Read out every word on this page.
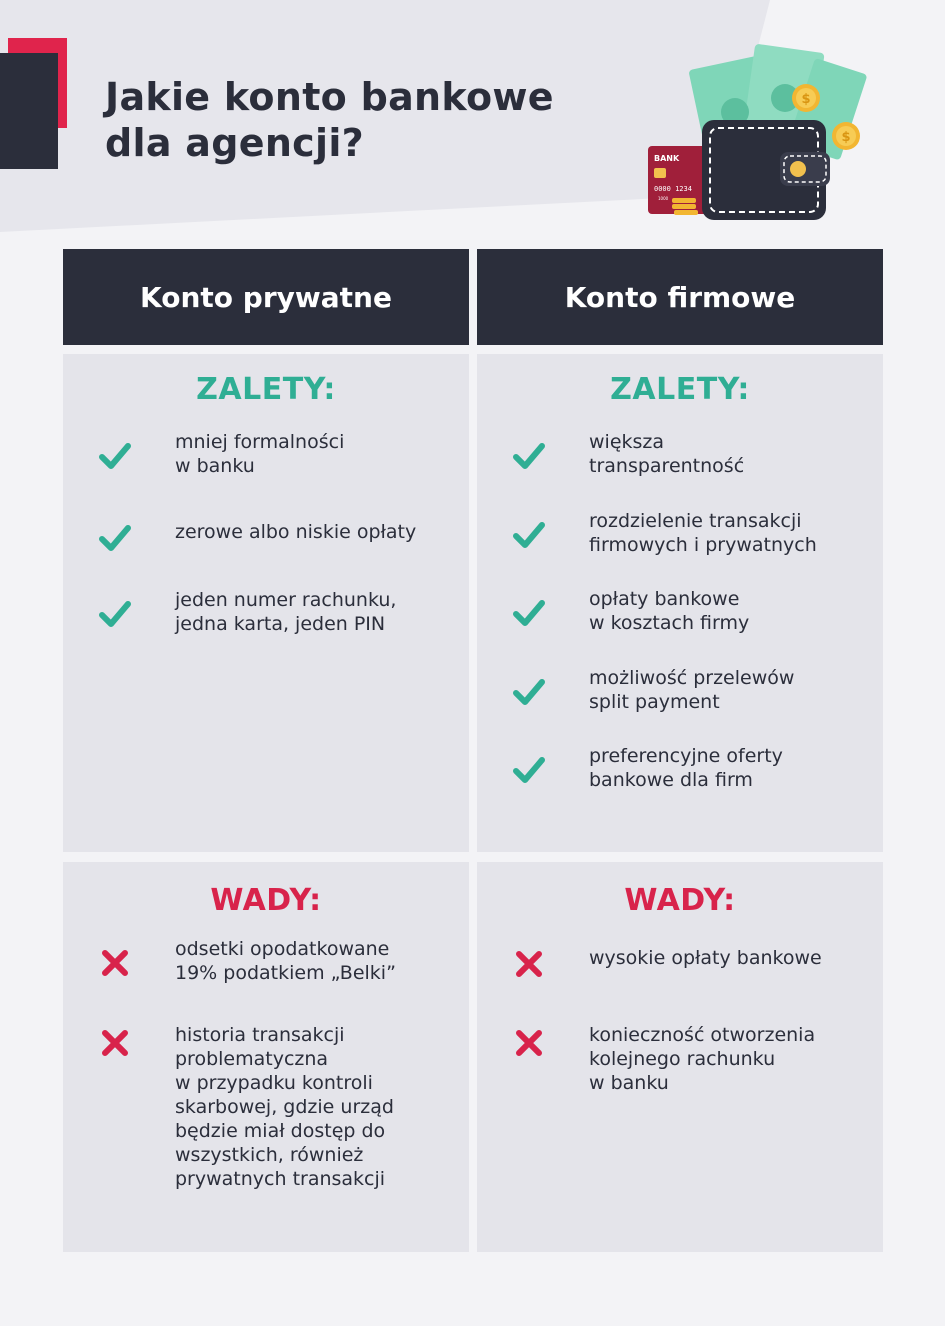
Jakie konto bankowe
dla agencji?	BANK
0000 1234
1000
$
$
Konto prywatne	Konto firmowe
ZALETY:
mniej formalności
w banku
zerowe albo niskie opłaty
jeden numer rachunku,
jedna karta, jeden PIN
ZALETY:
większa
transparentność
rozdzielenie transakcji
firmowych i prywatnych
opłaty bankowe
w kosztach firmy
możliwość przelewów
split payment
preferencyjne oferty
bankowe dla firm
WADY:
odsetki opodatkowane
19% podatkiem „Belki”
historia transakcji
problematyczna
w przypadku kontroli
skarbowej, gdzie urząd
będzie miał dostęp do
wszystkich, również
prywatnych transakcji
WADY:
wysokie opłaty bankowe
konieczność otworzenia
kolejnego rachunku
w banku
